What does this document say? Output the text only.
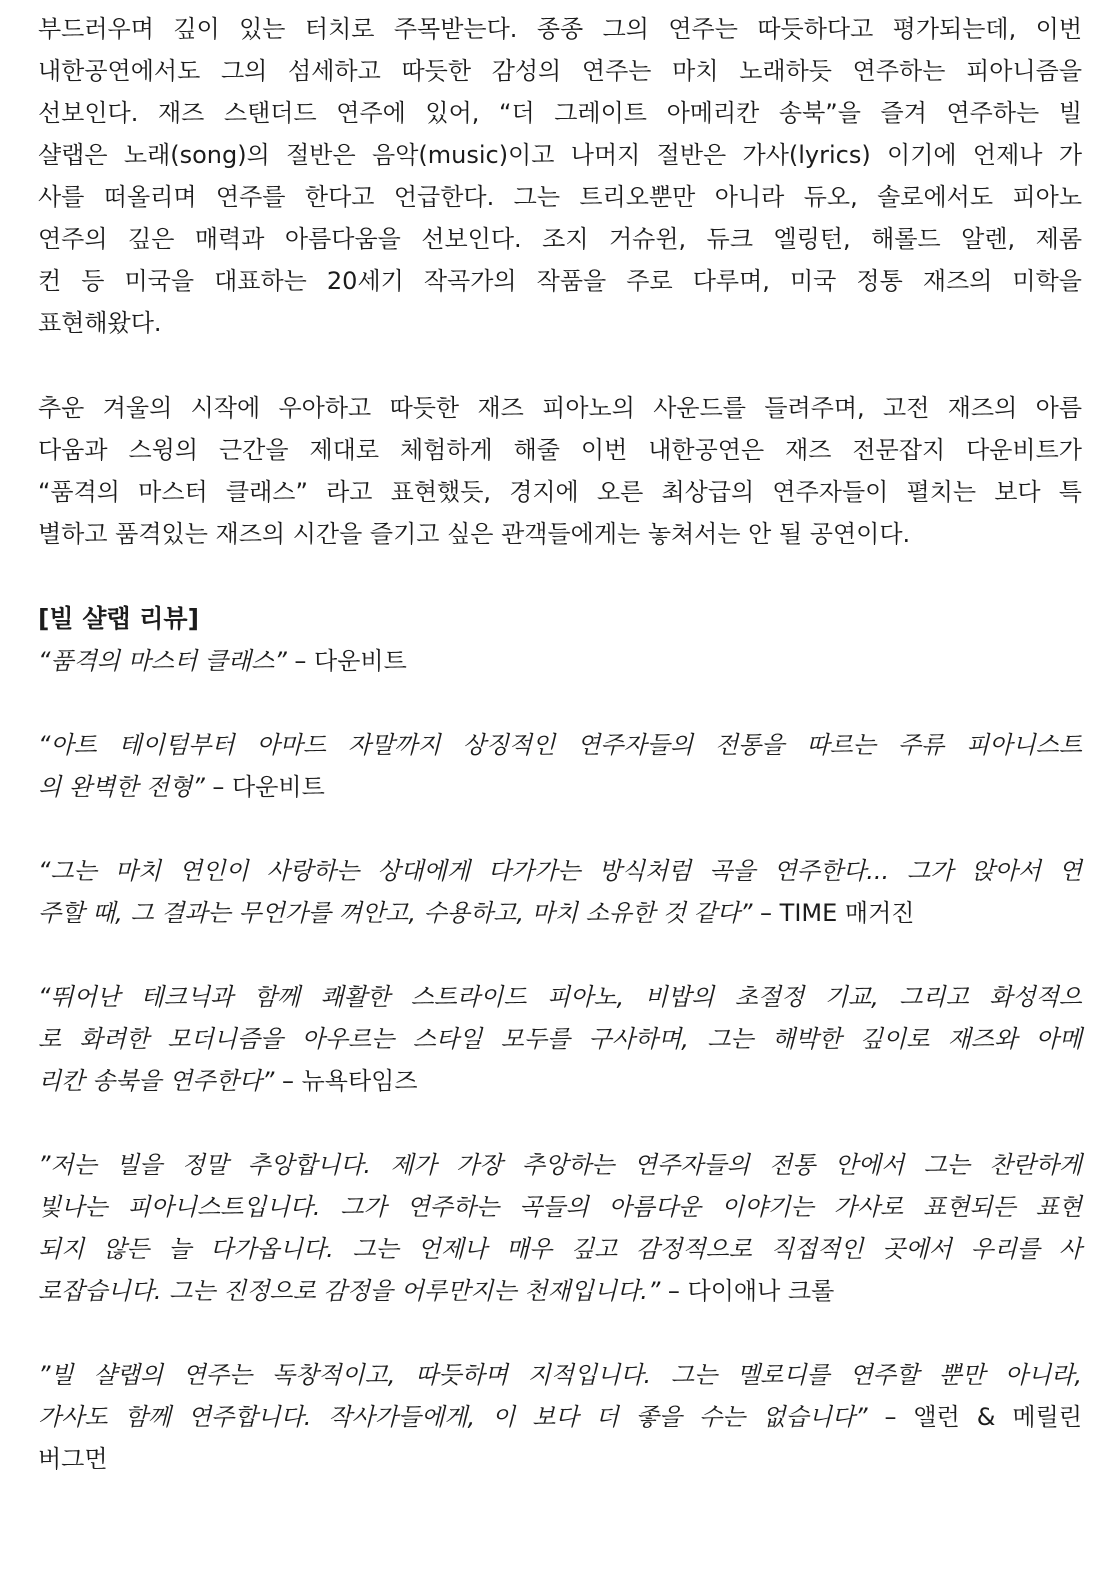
부드러우며 깊이 있는 터치로 주목받는다. 종종 그의 연주는 따듯하다고 평가되는데, 이번
내한공연에서도 그의 섬세하고 따듯한 감성의 연주는 마치 노래하듯 연주하는 피아니즘을
선보인다. 재즈 스탠더드 연주에 있어, “더 그레이트 아메리칸 송북”을 즐겨 연주하는 빌
샬랩은 노래(song)의 절반은 음악(music)이고 나머지 절반은 가사(lyrics) 이기에 언제나 가
사를 떠올리며 연주를 한다고 언급한다. 그는 트리오뿐만 아니라 듀오, 솔로에서도 피아노
연주의 깊은 매력과 아름다움을 선보인다. 조지 거슈윈, 듀크 엘링턴, 해롤드 알렌, 제롬
컨 등 미국을 대표하는 20세기 작곡가의 작품을 주로 다루며, 미국 정통 재즈의 미학을
표현해왔다.
추운 겨울의 시작에 우아하고 따듯한 재즈 피아노의 사운드를 들려주며, 고전 재즈의 아름
다움과 스윙의 근간을 제대로 체험하게 해줄 이번 내한공연은 재즈 전문잡지 다운비트가
“품격의 마스터 클래스” 라고 표현했듯, 경지에 오른 최상급의 연주자들이 펼치는 보다 특
별하고 품격있는 재즈의 시간을 즐기고 싶은 관객들에게는 놓쳐서는 안 될 공연이다.
[빌 샬랩 리뷰]
“품격의 마스터 클래스” – 다운비트
“아트 테이텀부터 아마드 자말까지 상징적인 연주자들의 전통을 따르는 주류 피아니스트
의 완벽한 전형” – 다운비트
“그는 마치 연인이 사랑하는 상대에게 다가가는 방식처럼 곡을 연주한다... 그가 앉아서 연
주할 때, 그 결과는 무언가를 껴안고, 수용하고, 마치 소유한 것 같다” – TIME 매거진
“뛰어난 테크닉과 함께 쾌활한 스트라이드 피아노, 비밥의 초절정 기교, 그리고 화성적으
로 화려한 모더니즘을 아우르는 스타일 모두를 구사하며, 그는 해박한 깊이로 재즈와 아메
리칸 송북을 연주한다” – 뉴욕타임즈
”저는 빌을 정말 추앙합니다. 제가 가장 추앙하는 연주자들의 전통 안에서 그는 찬란하게
빛나는 피아니스트입니다. 그가 연주하는 곡들의 아름다운 이야기는 가사로 표현되든 표현
되지 않든 늘 다가옵니다. 그는 언제나 매우 깊고 감정적으로 직접적인 곳에서 우리를 사
로잡습니다. 그는 진정으로 감정을 어루만지는 천재입니다.” – 다이애나 크롤
”빌 샬랩의 연주는 독창적이고, 따듯하며 지적입니다. 그는 멜로디를 연주할 뿐만 아니라,
가사도 함께 연주합니다. 작사가들에게, 이 보다 더 좋을 수는 없습니다” – 앨런 & 메릴린
버그먼
